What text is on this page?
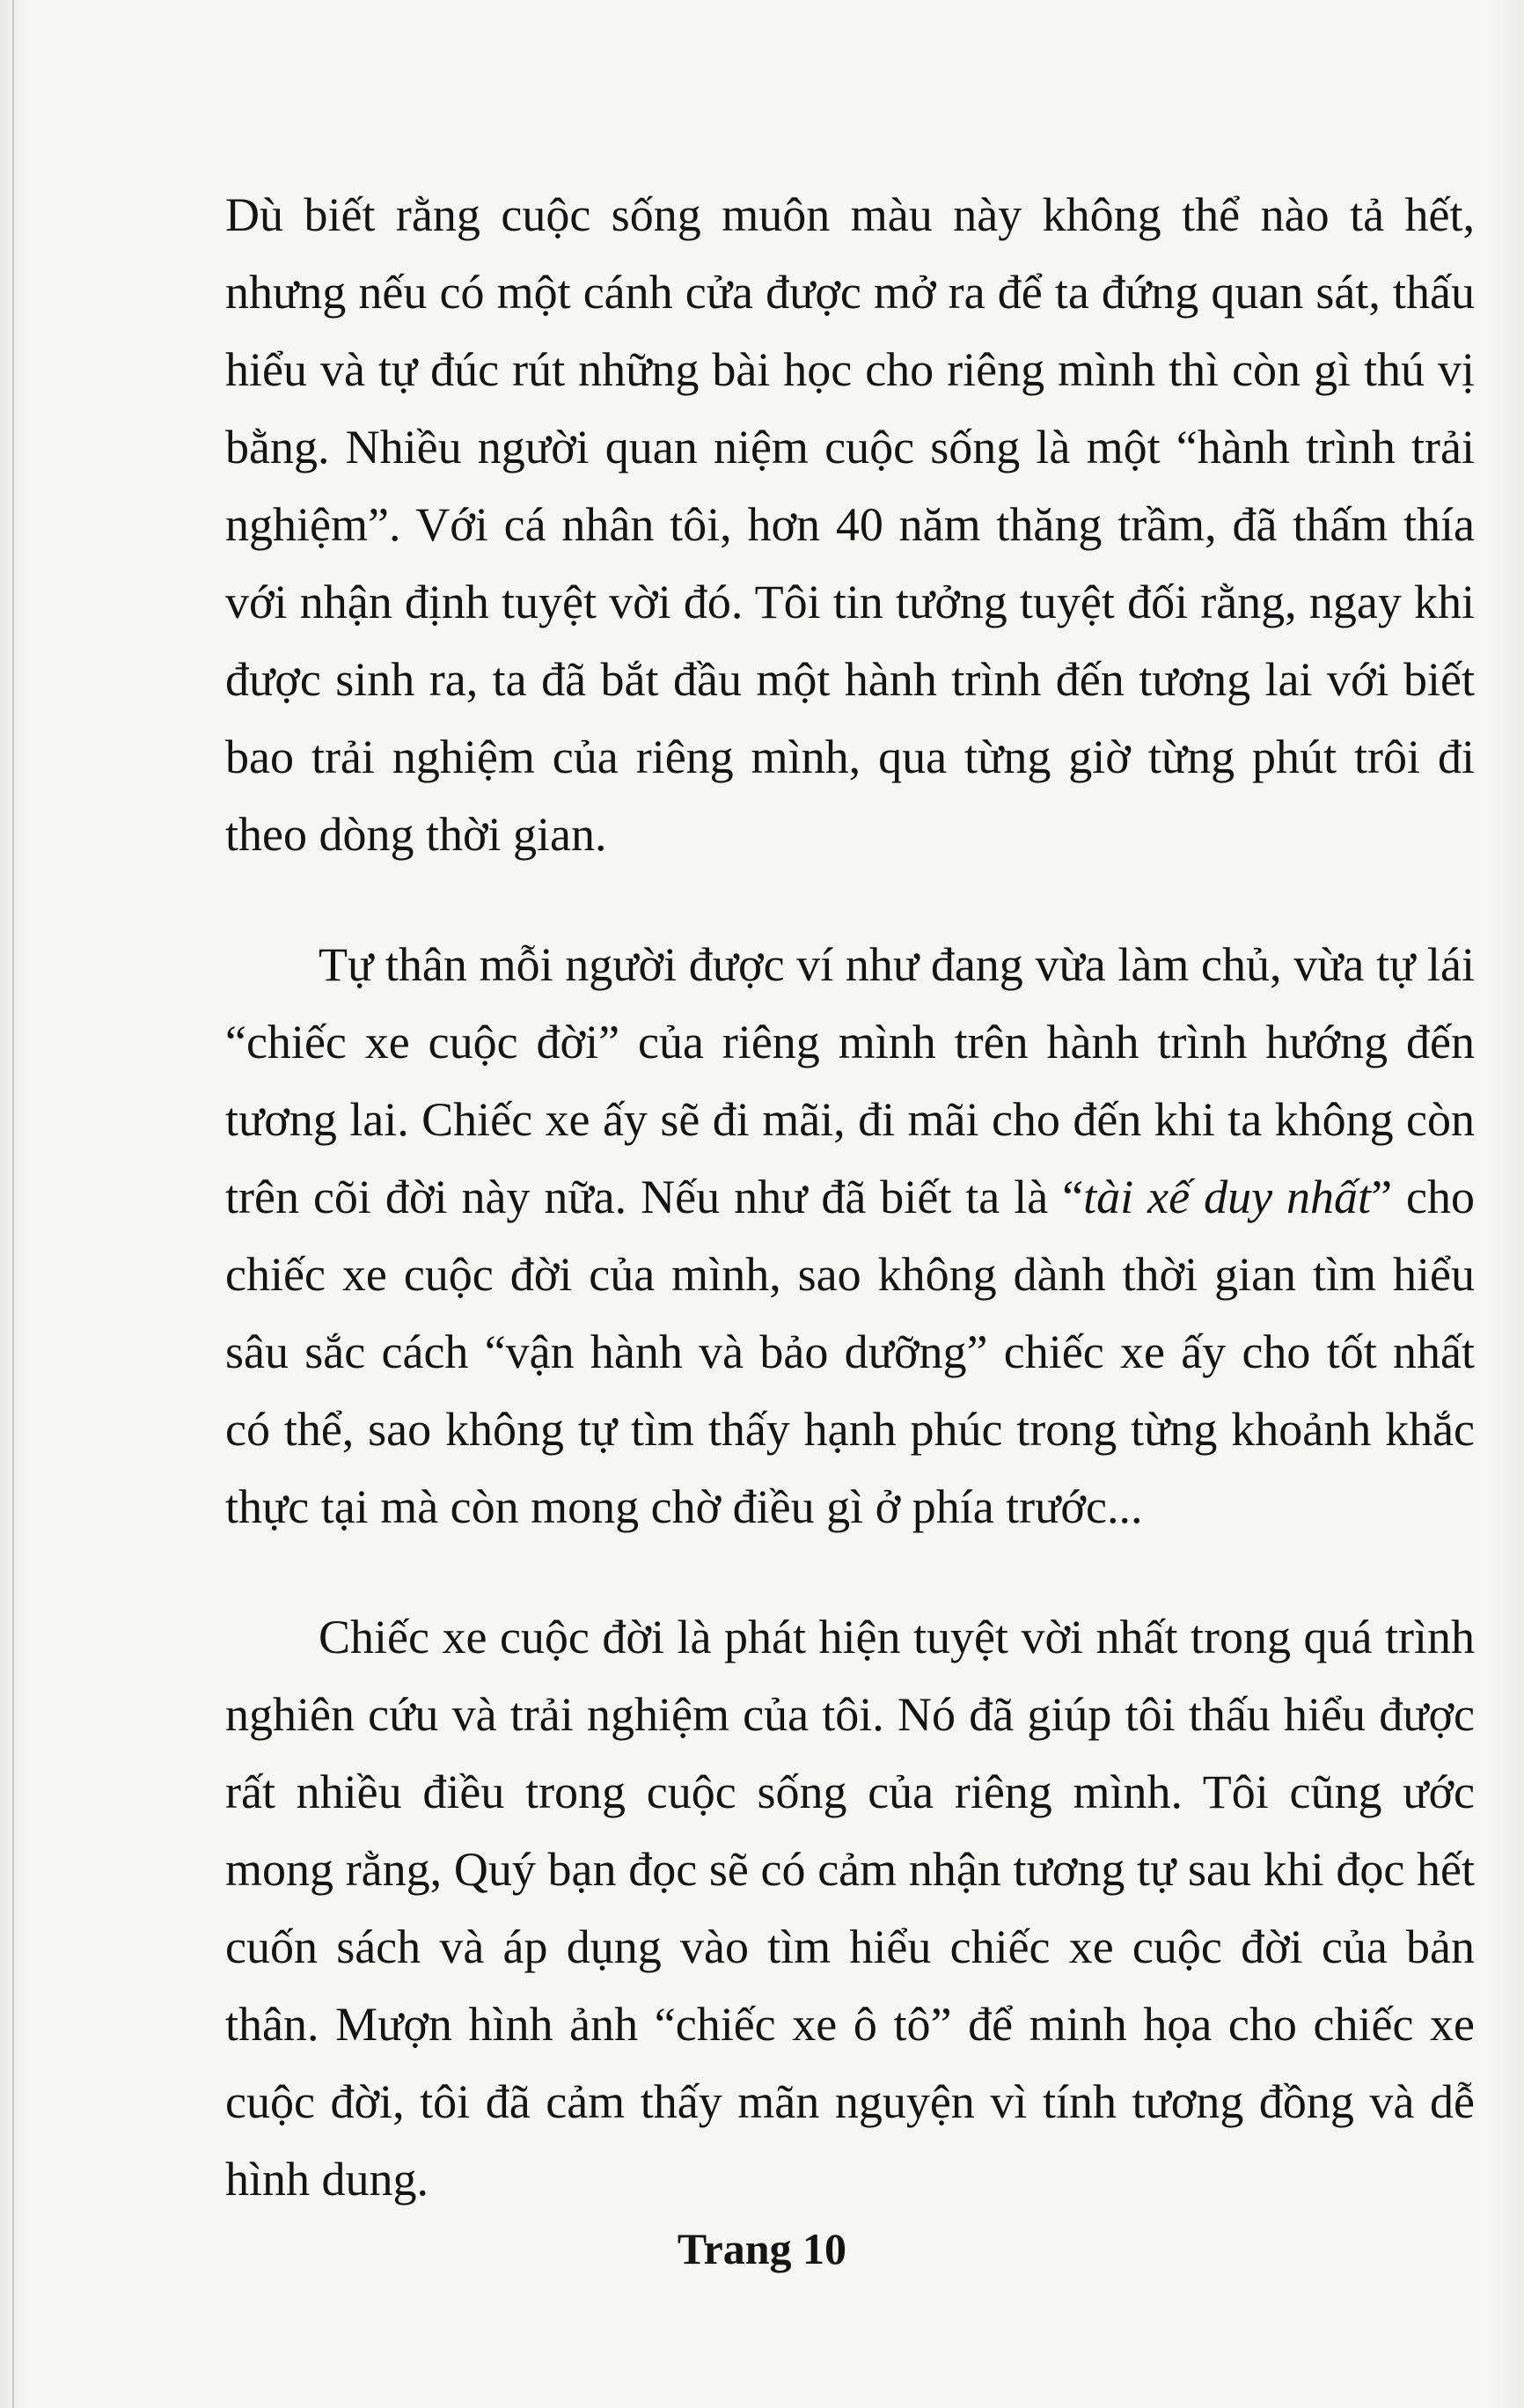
Dù biết rằng cuộc sống muôn màu này không thể nào tả hết, nhưng nếu có một cánh cửa được mở ra để ta đứng quan sát, thấu hiểu và tự đúc rút những bài học cho riêng mình thì còn gì thú vị bằng. Nhiều người quan niệm cuộc sống là một “hành trình trải nghiệm”. Với cá nhân tôi, hơn 40 năm thăng trầm, đã thấm thía với nhận định tuyệt vời đó. Tôi tin tưởng tuyệt đối rằng, ngay khi được sinh ra, ta đã bắt đầu một hành trình đến tương lai với biết bao trải nghiệm của riêng mình, qua từng giờ từng phút trôi đi theo dòng thời gian.

Tự thân mỗi người được ví như đang vừa làm chủ, vừa tự lái “chiếc xe cuộc đời” của riêng mình trên hành trình hướng đến tương lai. Chiếc xe ấy sẽ đi mãi, đi mãi cho đến khi ta không còn trên cõi đời này nữa. Nếu như đã biết ta là “tài xế duy nhất” cho chiếc xe cuộc đời của mình, sao không dành thời gian tìm hiểu sâu sắc cách “vận hành và bảo dưỡng” chiếc xe ấy cho tốt nhất có thể, sao không tự tìm thấy hạnh phúc trong từng khoảnh khắc thực tại mà còn mong chờ điều gì ở phía trước...

Chiếc xe cuộc đời là phát hiện tuyệt vời nhất trong quá trình nghiên cứu và trải nghiệm của tôi. Nó đã giúp tôi thấu hiểu được rất nhiều điều trong cuộc sống của riêng mình. Tôi cũng ước mong rằng, Quý bạn đọc sẽ có cảm nhận tương tự sau khi đọc hết cuốn sách và áp dụng vào tìm hiểu chiếc xe cuộc đời của bản thân. Mượn hình ảnh “chiếc xe ô tô” để minh họa cho chiếc xe cuộc đời, tôi đã cảm thấy mãn nguyện vì tính tương đồng và dễ hình dung.

Trang 10
